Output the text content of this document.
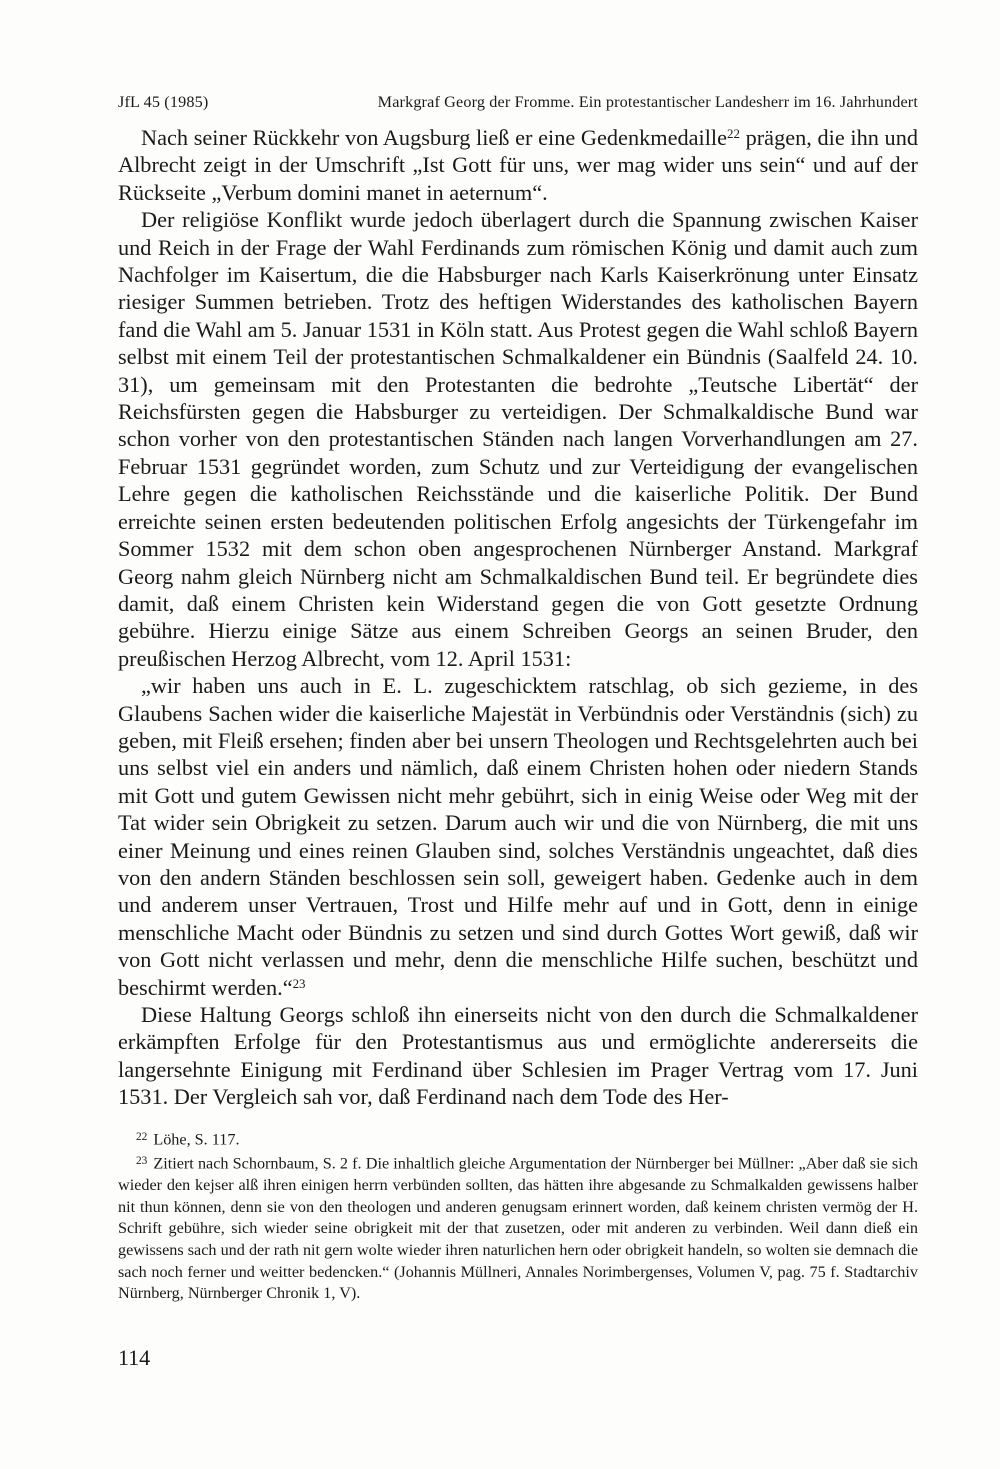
JfL 45 (1985)	Markgraf Georg der Fromme. Ein protestantischer Landesherr im 16. Jahrhundert

Nach seiner Rückkehr von Augsburg ließ er eine Gedenkmedaille$^{22}$ prägen, die ihn und Albrecht zeigt in der Umschrift „Ist Gott für uns, wer mag wider uns sein“ und auf der Rückseite „Verbum domini manet in aeternum“.

Der religiöse Konflikt wurde jedoch überlagert durch die Spannung zwischen Kaiser und Reich in der Frage der Wahl Ferdinands zum römischen König und damit auch zum Nachfolger im Kaisertum, die die Habsburger nach Karls Kaiserkrönung unter Einsatz riesiger Summen betrieben. Trotz des heftigen Widerstandes des katholischen Bayern fand die Wahl am 5. Januar 1531 in Köln statt. Aus Protest gegen die Wahl schloß Bayern selbst mit einem Teil der protestantischen Schmalkaldener ein Bündnis (Saalfeld 24. 10. 31), um gemeinsam mit den Protestanten die bedrohte „Teutsche Libertät“ der Reichsfürsten gegen die Habsburger zu verteidigen. Der Schmalkaldische Bund war schon vorher von den protestantischen Ständen nach langen Vorverhandlungen am 27. Februar 1531 gegründet worden, zum Schutz und zur Verteidigung der evangelischen Lehre gegen die katholischen Reichsstände und die kaiserliche Politik. Der Bund erreichte seinen ersten bedeutenden politischen Erfolg angesichts der Türkengefahr im Sommer 1532 mit dem schon oben angesprochenen Nürnberger Anstand. Markgraf Georg nahm gleich Nürnberg nicht am Schmalkaldischen Bund teil. Er begründete dies damit, daß einem Christen kein Widerstand gegen die von Gott gesetzte Ordnung gebühre. Hierzu einige Sätze aus einem Schreiben Georgs an seinen Bruder, den preußischen Herzog Albrecht, vom 12. April 1531:

„wir haben uns auch in E. L. zugeschicktem ratschlag, ob sich gezieme, in des Glaubens Sachen wider die kaiserliche Majestät in Verbündnis oder Verständnis (sich) zu geben, mit Fleiß ersehen; finden aber bei unsern Theologen und Rechtsgelehrten auch bei uns selbst viel ein anders und nämlich, daß einem Christen hohen oder niedern Stands mit Gott und gutem Gewissen nicht mehr gebührt, sich in einig Weise oder Weg mit der Tat wider sein Obrigkeit zu setzen. Darum auch wir und die von Nürnberg, die mit uns einer Meinung und eines reinen Glauben sind, solches Verständnis ungeachtet, daß dies von den andern Ständen beschlossen sein soll, geweigert haben. Gedenke auch in dem und anderem unser Vertrauen, Trost und Hilfe mehr auf und in Gott, denn in einige menschliche Macht oder Bündnis zu setzen und sind durch Gottes Wort gewiß, daß wir von Gott nicht verlassen und mehr, denn die menschliche Hilfe suchen, beschützt und beschirmt werden.“$^{23}$

Diese Haltung Georgs schloß ihn einerseits nicht von den durch die Schmalkaldener erkämpften Erfolge für den Protestantismus aus und ermöglichte andererseits die langersehnte Einigung mit Ferdinand über Schlesien im Prager Vertrag vom 17. Juni 1531. Der Vergleich sah vor, daß Ferdinand nach dem Tode des Her-

$^{22}$ Löhe, S. 117.

$^{23}$ Zitiert nach Schornbaum, S. 2 f. Die inhaltlich gleiche Argumentation der Nürnberger bei Müllner: „Aber daß sie sich wieder den kejser alß ihren einigen herrn verbünden sollten, das hätten ihre abgesande zu Schmalkalden gewissens halber nit thun können, denn sie von den theologen und anderen genugsam erinnert worden, daß keinem christen vermög der H. Schrift gebühre, sich wieder seine obrigkeit mit der that zusetzen, oder mit anderen zu verbinden. Weil dann dieß ein gewissens sach und der rath nit gern wolte wieder ihren naturlichen hern oder obrigkeit handeln, so wolten sie demnach die sach noch ferner und weitter bedencken.“ (Johannis Müllneri, Annales Norimbergenses, Volumen V, pag. 75 f. Stadtarchiv Nürnberg, Nürnberger Chronik 1, V).

114
